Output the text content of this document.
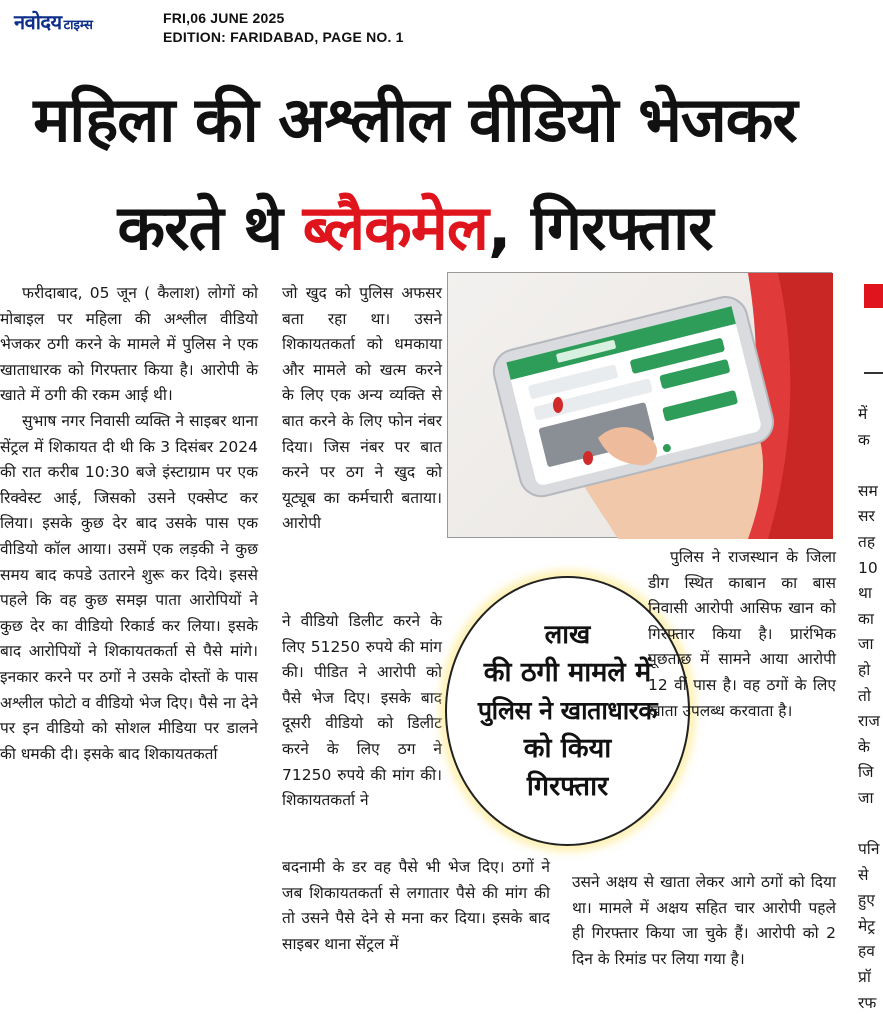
नवोदय टाइम्स	FRI,06 JUNE 2025
EDITION: FARIDABAD, PAGE NO. 1
महिला की अश्लील वीडियो भेजकर
करते थे ब्लैकमेल, गिरफ्तार

फरीदाबाद, 05 जून ( कैलाश) लोगों को मोबाइल पर महिला की अश्लील वीडियो भेजकर ठगी करने के मामले में पुलिस ने एक खाताधारक को गिरफ्तार किया है। आरोपी के खाते में ठगी की रकम आई थी।

सुभाष नगर निवासी व्यक्ति ने साइबर थाना सेंट्रल में शिकायत दी थी कि 3 दिसंबर 2024 की रात करीब 10:30 बजे इंस्टाग्राम पर एक रिक्वेस्ट आई, जिसको उसने एक्सेप्ट कर लिया। इसके कुछ देर बाद उसके पास एक वीडियो कॉल आया। उसमें एक लड़की ने कुछ समय बाद कपडे उतारने शुरू कर दिये। इससे पहले कि वह कुछ समझ पाता आरोपियों ने कुछ देर का वीडियो रिकार्ड कर लिया। इसके बाद आरोपियों ने शिकायतकर्ता से पैसे मांगे। इनकार करने पर ठगों ने उसके दोस्तों के पास अश्लील फोटो व वीडियो भेज दिए। पैसे ना देने पर इन वीडियो को सोशल मीडिया पर डालने की धमकी दी। इसके बाद शिकायतकर्ता

जो खुद को पुलिस अफसर बता रहा था। उसने शिकायतकर्ता को धमकाया और मामले को खत्म करने के लिए एक अन्य व्यक्ति से बात करने के लिए फोन नंबर दिया। जिस नंबर पर बात करने पर ठग ने खुद को यूट्यूब का कर्मचारी बताया। आरोपी

ने वीडियो डिलीट करने के लिए 51250 रुपये की मांग की। पीडित ने आरोपी को पैसे भेज दिए। इसके बाद दूसरी वीडियो को डिलीट करने के लिए ठग ने 71250 रुपये की मांग की। शिकायतकर्ता ने

बदनामी के डर वह पैसे भी भेज दिए। ठगों ने जब शिकायतकर्ता से लगातार पैसे की मांग की तो उसने पैसे देने से मना कर दिया। इसके बाद साइबर थाना सेंट्रल में

लाख
की ठगी मामले में
पुलिस ने खाताधारक
को किया
गिरफ्तार

पुलिस ने राजस्थान के जिला डीग स्थित काबान का बास निवासी आरोपी आसिफ खान को गिरफ्तार किया है। प्रारंभिक पूछताछ में सामने आया आरोपी 12 वीं पास है। वह ठगों के लिए खाता उपलब्ध करवाता है।

उसने अक्षय से खाता लेकर आगे ठगों को दिया था। मामले में अक्षय सहित चार आरोपी पहले ही गिरफ्तार किया जा चुके हैं। आरोपी को 2 दिन के रिमांड पर लिया गया है।

में
क
सम
सर
तह
10
था
का
जा
हो
तो
राज
के
जि
जा
पनि
से
हुए
मेट्र
हव
प्रॉ
रफ
